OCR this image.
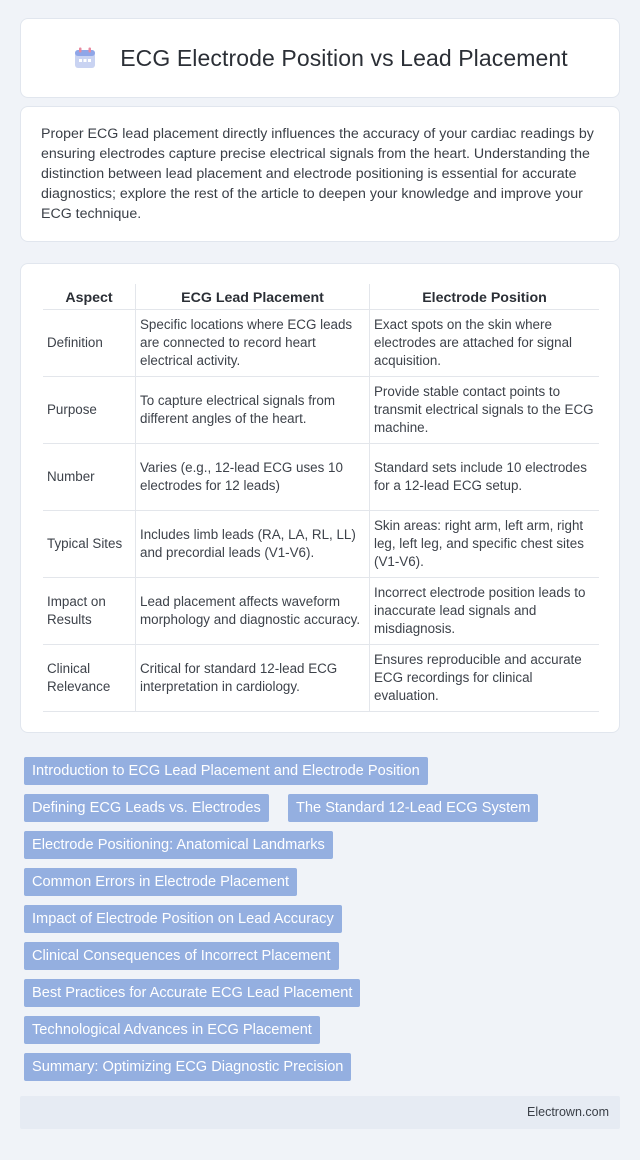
ECG Electrode Position vs Lead Placement

Proper ECG lead placement directly influences the accuracy of your cardiac readings by ensuring electrodes capture precise electrical signals from the heart. Understanding the distinction between lead placement and electrode positioning is essential for accurate diagnostics; explore the rest of the article to deepen your knowledge and improve your ECG technique.

Aspect	ECG Lead Placement	Electrode Position
Definition	Specific locations where ECG leads are connected to record heart electrical activity.	Exact spots on the skin where electrodes are attached for signal acquisition.
Purpose	To capture electrical signals from different angles of the heart.	Provide stable contact points to transmit electrical signals to the ECG machine.
Number	Varies (e.g., 12-lead ECG uses 10 electrodes for 12 leads)	Standard sets include 10 electrodes for a 12-lead ECG setup.
Typical Sites	Includes limb leads (RA, LA, RL, LL) and precordial leads (V1-V6).	Skin areas: right arm, left arm, right leg, left leg, and specific chest sites (V1-V6).
Impact on Results	Lead placement affects waveform morphology and diagnostic accuracy.	Incorrect electrode position leads to inaccurate lead signals and misdiagnosis.
Clinical Relevance	Critical for standard 12-lead ECG interpretation in cardiology.	Ensures reproducible and accurate ECG recordings for clinical evaluation.
Introduction to ECG Lead Placement and Electrode Position
Defining ECG Leads vs. Electrodes	The Standard 12-Lead ECG System
Electrode Positioning: Anatomical Landmarks
Common Errors in Electrode Placement
Impact of Electrode Position on Lead Accuracy
Clinical Consequences of Incorrect Placement
Best Practices for Accurate ECG Lead Placement
Technological Advances in ECG Placement
Summary: Optimizing ECG Diagnostic Precision
Electrown.com
